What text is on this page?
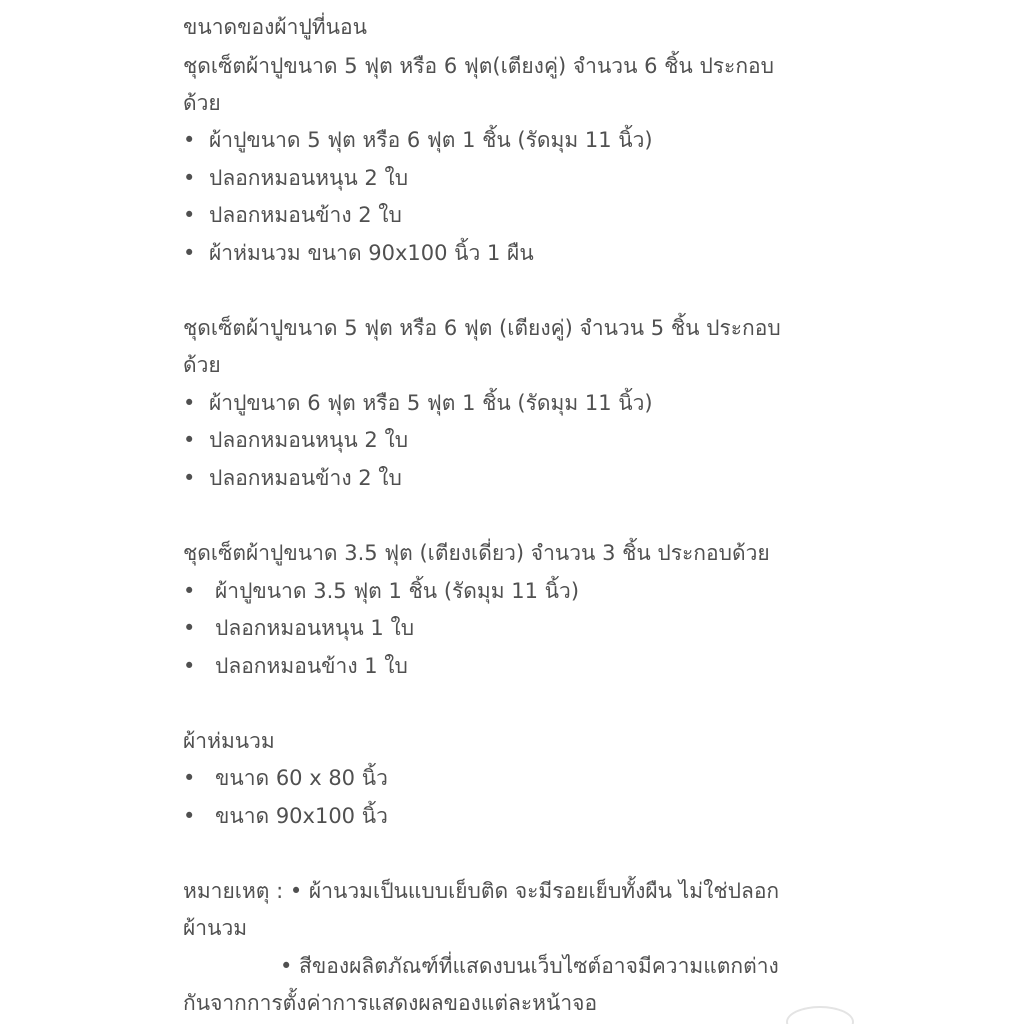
ขนาดของผ้าปูที่นอน
ชุดเซ็ตผ้าปูขนาด 5 ฟุต หรือ 6 ฟุต(เตียงคู่) จำนวน 6 ชิ้น ประกอบ
ด้วย
• ผ้าปูขนาด 5 ฟุต หรือ 6 ฟุต 1 ชิ้น (รัดมุม 11 นิ้ว)
• ปลอกหมอนหนุน 2 ใบ
• ปลอกหมอนข้าง 2 ใบ
• ผ้าห่มนวม ขนาด 90x100 นิ้ว 1 ผืน
ชุดเซ็ตผ้าปูขนาด 5 ฟุต หรือ 6 ฟุต (เตียงคู่) จำนวน 5 ชิ้น ประกอบ
ด้วย
• ผ้าปูขนาด 6 ฟุต หรือ 5 ฟุต 1 ชิ้น (รัดมุม 11 นิ้ว)
• ปลอกหมอนหนุน 2 ใบ
• ปลอกหมอนข้าง 2 ใบ
ชุดเซ็ตผ้าปูขนาด 3.5 ฟุต (เตียงเดี่ยว) จำนวน 3 ชิ้น ประกอบด้วย
• ผ้าปูขนาด 3.5 ฟุต 1 ชิ้น (รัดมุม 11 นิ้ว)
• ปลอกหมอนหนุน 1 ใบ
• ปลอกหมอนข้าง 1 ใบ
ผ้าห่มนวม
• ขนาด 60 x 80 นิ้ว
• ขนาด 90x100 นิ้ว
หมายเหตุ : • ผ้านวมเป็นแบบเย็บติด จะมีรอยเย็บทั้งผืน ไม่ใช่ปลอก
ผ้านวม
• สีของผลิตภัณฑ์ที่แสดงบนเว็บไซต์อาจมีความแตกต่าง
กันจากการตั้งค่าการแสดงผลของแต่ละหน้าจอ
